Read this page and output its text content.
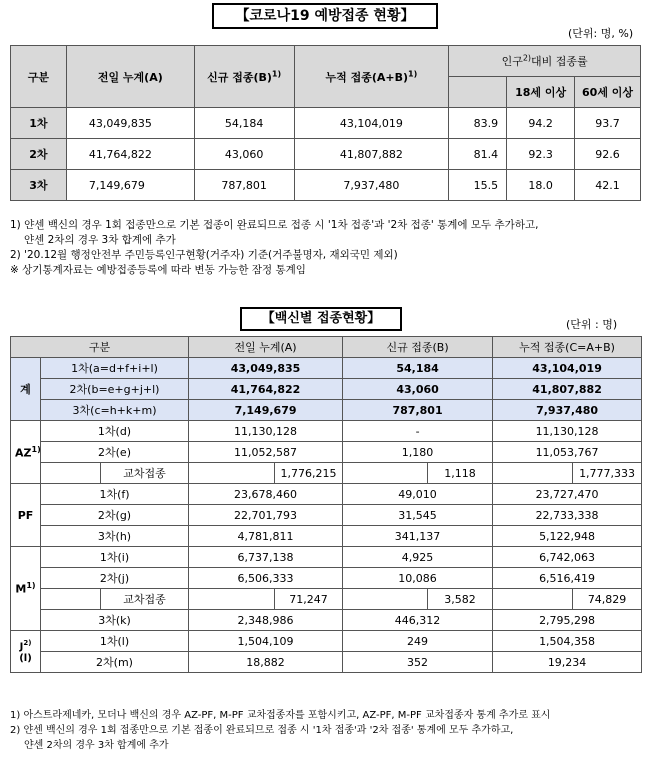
【코로나19 예방접종 현황】
(단위: 명, %)
구분	전일 누계(A)	신규 접종$(B)^{1)}$	누적 접종$(A+B)^{1)}$	인구$^{2)}$대비 접종률		
					18세 이상	60세 이상
1차	43,049,835	54,184	43,104,019	83.9	94.2	93.7
2차	41,764,822	43,060	41,807,882	81.4	92.3	92.6
3차	7,149,679	787,801	7,937,480	15.5	18.0	42.1
1) 얀센 백신의 경우 1회 접종만으로 기본 접종이 완료되므로 접종 시 '1차 접종'과 '2차 접종' 통계에 모두 추가하고,
얀센 2차의 경우 3차 합계에 추가
2) '20.12월 행정안전부 주민등록인구현황(거주자) 기준(거주불명자, 재외국민 제외)
※ 상기통계자료는 예방접종등록에 따라 변동 가능한 잠정 통계임
【백신별 접종현황】	(단위 : 명)
구분			전일 누계(A)		신규 접종(B)		누적 접종(C=A+B)	
계	1차(a=d+f+i+l)		43,049,835		54,184		43,104,019	
	2차(b=e+g+j+l)		41,764,822		43,060		41,807,882	
	3차(c=h+k+m)		7,149,679		787,801		7,937,480	
AZ$^{1)}$	1차(d)		11,130,128		-		11,130,128	
	2차(e)		11,052,587		1,180		11,053,767	
		교차접종		1,776,215		1,118		1,777,333
PF	1차(f)		23,678,460		49,010		23,727,470	
	2차(g)		22,701,793		31,545		22,733,338	
	3차(h)		4,781,811		341,137		5,122,948	
$M^{1)}$	1차(i)		6,737,138		4,925		6,742,063	
	2차(j)		6,506,333		10,086		6,516,419	
		교차접종		71,247		3,582		74,829
	3차(k)		2,348,986		446,312		2,795,298	
$J^{2)}(l)$	1차(l)		1,504,109		249		1,504,358	
	2차(m)		18,882		352		19,234	
1) 아스트라제네카, 모더나 백신의 경우 AZ-PF, M-PF 교차접종자를 포함시키고, AZ-PF, M-PF 교차접종자 통계 추가로 표시
2) 얀센 백신의 경우 1회 접종만으로 기본 접종이 완료되므로 접종 시 '1차 접종'과 '2차 접종' 통계에 모두 추가하고,
얀센 2차의 경우 3차 합계에 추가
